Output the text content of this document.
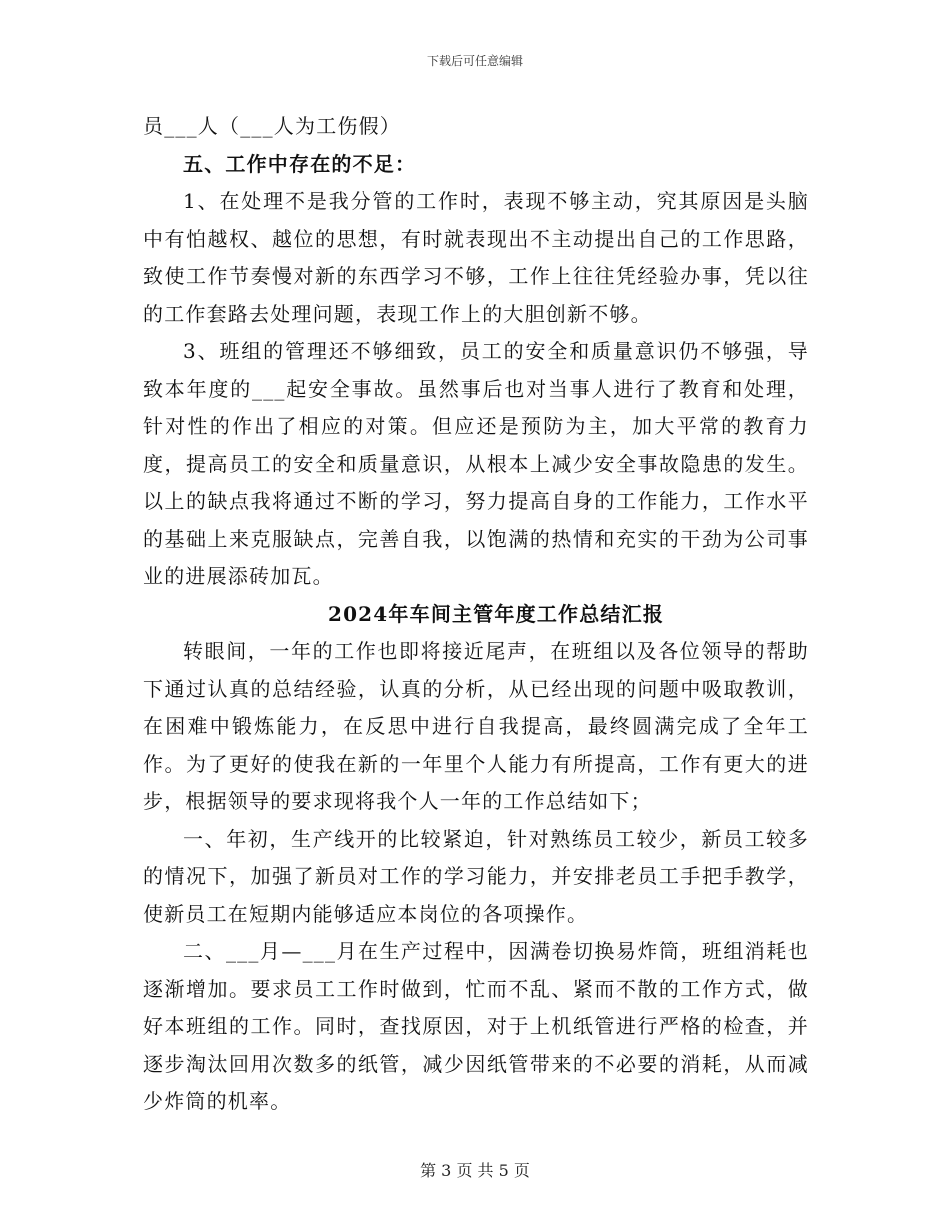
下载后可任意编辑

员___人（___人为工伤假）

五、工作中存在的不足：

1、在处理不是我分管的工作时，表现不够主动，究其原因是头脑中有怕越权、越位的思想，有时就表现出不主动提出自己的工作思路，致使工作节奏慢对新的东西学习不够，工作上往往凭经验办事，凭以往的工作套路去处理问题，表现工作上的大胆创新不够。

3、班组的管理还不够细致，员工的安全和质量意识仍不够强，导致本年度的___起安全事故。虽然事后也对当事人进行了教育和处理，针对性的作出了相应的对策。但应还是预防为主，加大平常的教育力度，提高员工的安全和质量意识，从根本上减少安全事故隐患的发生。以上的缺点我将通过不断的学习，努力提高自身的工作能力，工作水平的基础上来克服缺点，完善自我，以饱满的热情和充实的干劲为公司事业的进展添砖加瓦。

2024年车间主管年度工作总结汇报

转眼间，一年的工作也即将接近尾声，在班组以及各位领导的帮助下通过认真的总结经验，认真的分析，从已经出现的问题中吸取教训，在困难中锻炼能力，在反思中进行自我提高，最终圆满完成了全年工作。为了更好的使我在新的一年里个人能力有所提高，工作有更大的进步，根据领导的要求现将我个人一年的工作总结如下；

一、年初，生产线开的比较紧迫，针对熟练员工较少，新员工较多的情况下，加强了新员对工作的学习能力，并安排老员工手把手教学，使新员工在短期内能够适应本岗位的各项操作。

二、___月—___月在生产过程中，因满卷切换易炸筒，班组消耗也逐渐增加。要求员工工作时做到，忙而不乱、紧而不散的工作方式，做好本班组的工作。同时，查找原因，对于上机纸管进行严格的检查，并逐步淘汰回用次数多的纸管，减少因纸管带来的不必要的消耗，从而减少炸筒的机率。

第 3 页 共 5 页
